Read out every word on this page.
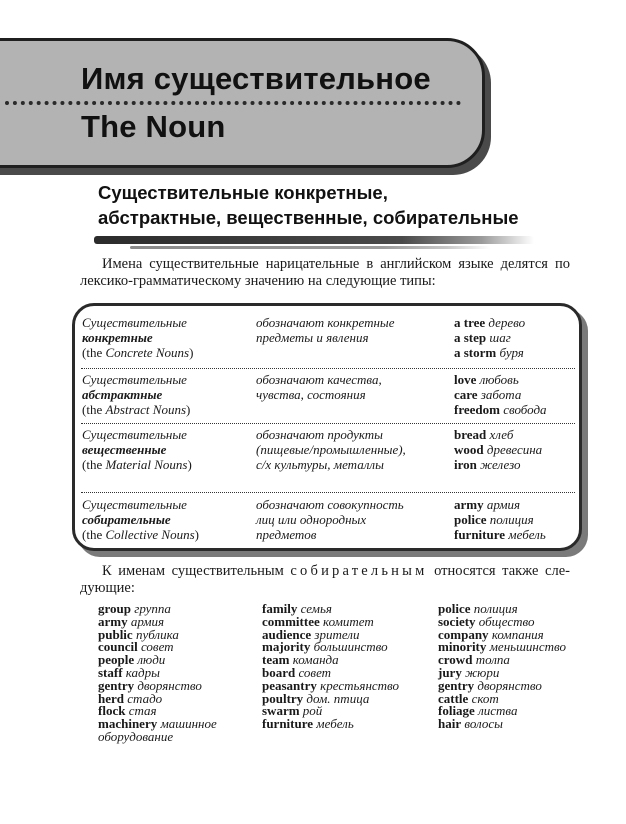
Имя существительное
The Noun
Существительные конкретные,
абстрактные, вещественные, собирательные

Имена существительные нарицательные в английском языке делятся по лексико-грамматическому значению на следующие типы:

Существительные
конкретные
(the Concrete Nouns)
обозначают конкретные
предметы и явления

a tree дерево
a step шаг
a storm буря
Существительные
абстрактные
(the Abstract Nouns)
обозначают качества,
чувства, состояния

love любовь
care забота
freedom свобода
Существительные
вещественные
(the Material Nouns)
обозначают продукты
(пищевые/промышленные),
с/х культуры, металлы
bread хлеб
wood древесина
iron железо
Существительные
собирательные
(the Collective Nouns)
обозначают совокупность
лиц или однородных
предметов
army армия
police полиция
furniture мебель

К именам существительным собирательным относятся также сле-дующие:

group группа
army армия
public публика
council совет
people люди
staff кадры
gentry дворянство
herd стадо
flock стая
machinery машинное оборудование
family семья
committee комитет
audience зрители
majority большинство
team команда
board совет
peasantry крестьянство
poultry дом. птица
swarm рой
furniture мебель
police полиция
society общество
company компания
minority меньшинство
crowd толпа
jury жюри
gentry дворянство
cattle скот
foliage листва
hair волосы
